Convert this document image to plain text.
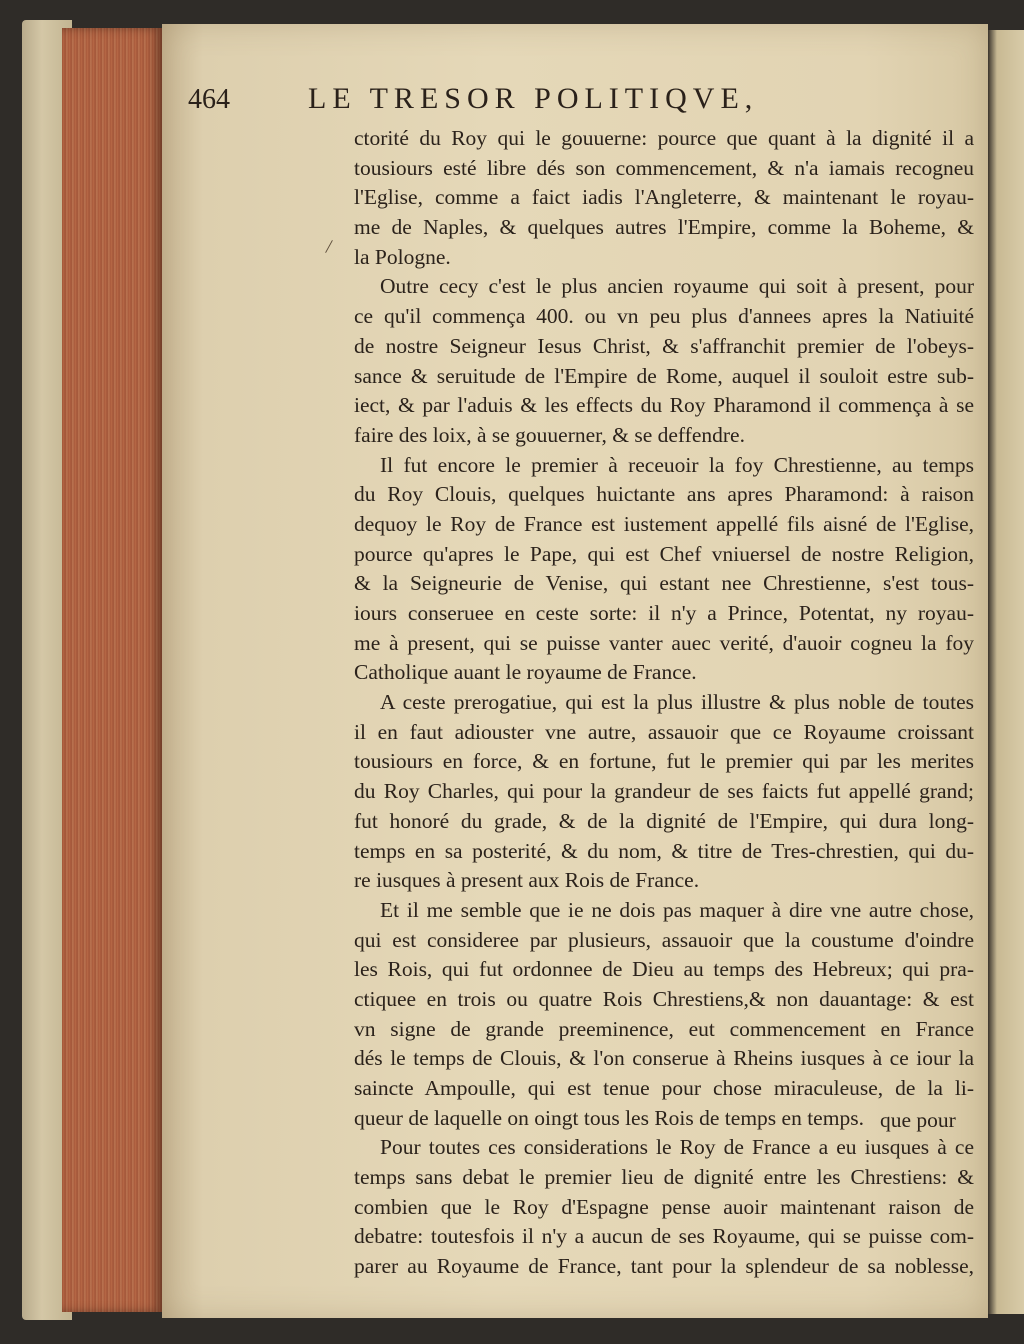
464	LE TRESOR POLITIQVE,
/
ctorité du Roy qui le gouuerne: pource que quant à la dignité il a
tousiours esté libre dés son commencement, & n'a iamais recogneu
l'Eglise, comme a faict iadis l'Angleterre, & maintenant le royau-
me de Naples, & quelques autres l'Empire, comme la Boheme, &
la Pologne.
Outre cecy c'est le plus ancien royaume qui soit à present, pour
ce qu'il commença 400. ou vn peu plus d'annees apres la Natiuité
de nostre Seigneur Iesus Christ, & s'affranchit premier de l'obeys-
sance & seruitude de l'Empire de Rome, auquel il souloit estre sub-
iect, & par l'aduis & les effects du Roy Pharamond il commença à se
faire des loix, à se gouuerner, & se deffendre.
Il fut encore le premier à receuoir la foy Chrestienne, au temps
du Roy Clouis, quelques huictante ans apres Pharamond: à raison
dequoy le Roy de France est iustement appellé fils aisné de l'Eglise,
pource qu'apres le Pape, qui est Chef vniuersel de nostre Religion,
& la Seigneurie de Venise, qui estant nee Chrestienne, s'est tous-
iours conseruee en ceste sorte: il n'y a Prince, Potentat, ny royau-
me à present, qui se puisse vanter auec verité, d'auoir cogneu la foy
Catholique auant le royaume de France.
A ceste prerogatiue, qui est la plus illustre & plus noble de toutes
il en faut adiouster vne autre, assauoir que ce Royaume croissant
tousiours en force, & en fortune, fut le premier qui par les merites
du Roy Charles, qui pour la grandeur de ses faicts fut appellé grand;
fut honoré du grade, & de la dignité de l'Empire, qui dura long-
temps en sa posterité, & du nom, & titre de Tres-chrestien, qui du-
re iusques à present aux Rois de France.
Et il me semble que ie ne dois pas maquer à dire vne autre chose,
qui est consideree par plusieurs, assauoir que la coustume d'oindre
les Rois, qui fut ordonnee de Dieu au temps des Hebreux; qui pra-
ctiquee en trois ou quatre Rois Chrestiens,& non dauantage: & est
vn signe de grande preeminence, eut commencement en France
dés le temps de Clouis, & l'on conserue à Rheins iusques à ce iour la
saincte Ampoulle, qui est tenue pour chose miraculeuse, de la li-
queur de laquelle on oingt tous les Rois de temps en temps.
Pour toutes ces considerations le Roy de France a eu iusques à ce
temps sans debat le premier lieu de dignité entre les Chrestiens: &
combien que le Roy d'Espagne pense auoir maintenant raison de
debatre: toutesfois il n'y a aucun de ses Royaume, qui se puisse com-
parer au Royaume de France, tant pour la splendeur de sa noblesse,
que pour
